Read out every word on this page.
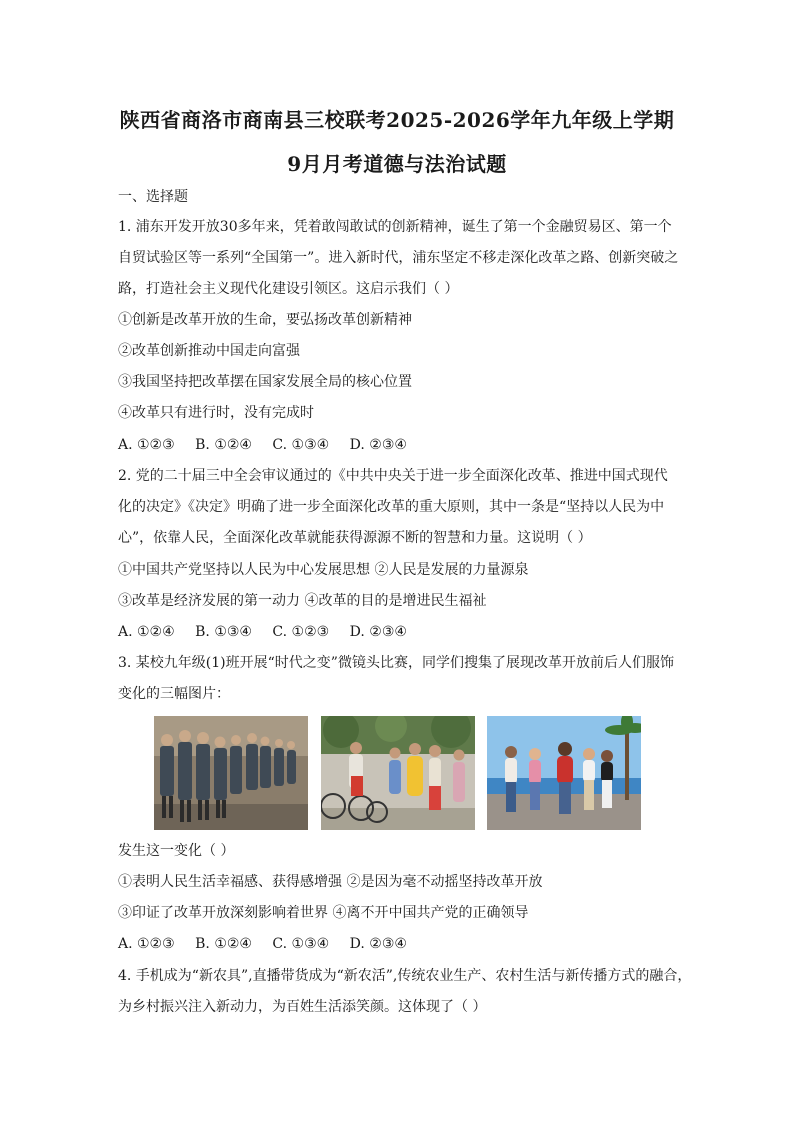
陕西省商洛市商南县三校联考2025-2026学年九年级上学期
9月月考道德与法治试题
一、选择题
1. 浦东开发开放30多年来，凭着敢闯敢试的创新精神，诞生了第一个金融贸易区、第一个
自贸试验区等一系列“全国第一”。进入新时代，浦东坚定不移走深化改革之路、创新突破之
路，打造社会主义现代化建设引领区。这启示我们（ ）
①创新是改革开放的生命，要弘扬改革创新精神
②改革创新推动中国走向富强
③我国坚持把改革摆在国家发展全局的核心位置
④改革只有进行时，没有完成时
A. ①②③ B. ①②④ C. ①③④ D. ②③④
2. 党的二十届三中全会审议通过的《中共中央关于进一步全面深化改革、推进中国式现代
化的决定》《决定》明确了进一步全面深化改革的重大原则，其中一条是“坚持以人民为中
心”，依靠人民，全面深化改革就能获得源源不断的智慧和力量。这说明（ ）
①中国共产党坚持以人民为中心发展思想 ②人民是发展的力量源泉
③改革是经济发展的第一动力 ④改革的目的是增进民生福祉
A. ①②④ B. ①③④ C. ①②③ D. ②③④
3. 某校九年级(1)班开展“时代之变”微镜头比赛，同学们搜集了展现改革开放前后人们服饰
变化的三幅图片：
发生这一变化（ ）
①表明人民生活幸福感、获得感增强 ②是因为毫不动摇坚持改革开放
③印证了改革开放深刻影响着世界 ④离不开中国共产党的正确领导
A. ①②③ B. ①②④ C. ①③④ D. ②③④
4. 手机成为“新农具”,直播带货成为“新农活”,传统农业生产、农村生活与新传播方式的融合，
为乡村振兴注入新动力，为百姓生活添笑颜。这体现了（ ）
